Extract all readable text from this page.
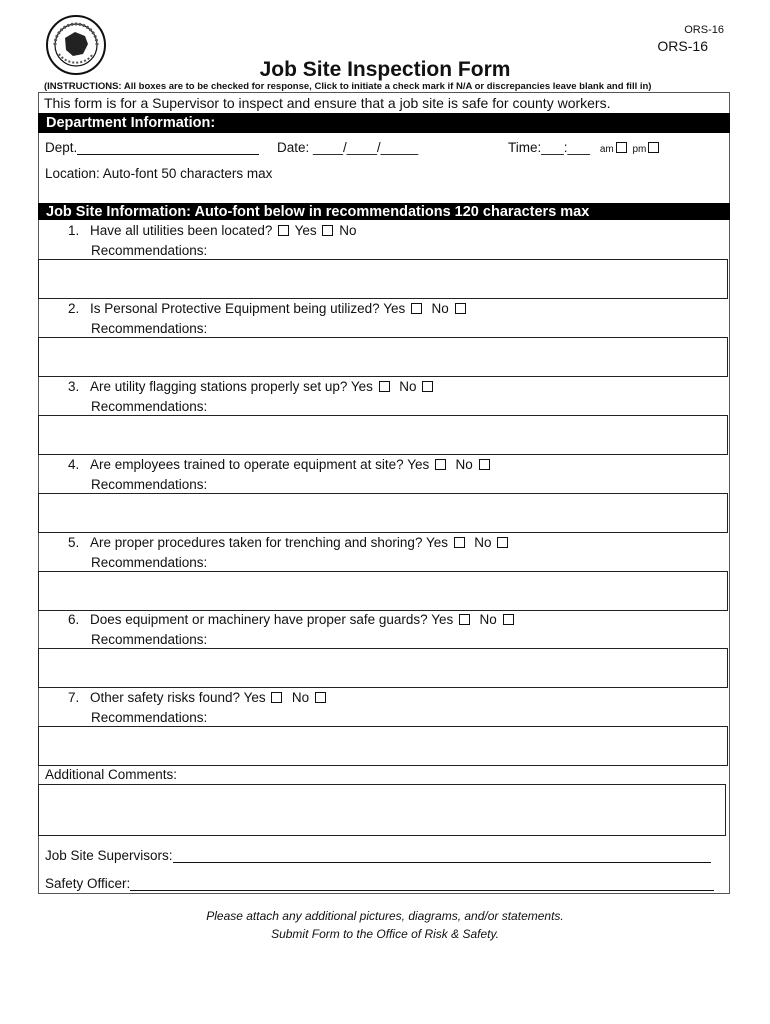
ORS-16
ORS-16
Job Site Inspection Form
(INSTRUCTIONS: All boxes are to be checked for response, Click to initiate a check mark if N/A or discrepancies leave blank and fill in)
This form is for a Supervisor to inspect and ensure that a job site is safe for county workers.
Department Information:
Dept.	Date: ____/____/_____	Time:___:___ am pm
Location: Auto-font 50 characters max
Job Site Information: Auto-font below in recommendations 120 characters max
1. Have all utilities been located? Yes No
Recommendations:
2. Is Personal Protective Equipment being utilized? Yes No
Recommendations:
3. Are utility flagging stations properly set up? Yes No
Recommendations:
4. Are employees trained to operate equipment at site? Yes No
Recommendations:
5. Are proper procedures taken for trenching and shoring? Yes No
Recommendations:
6. Does equipment or machinery have proper safe guards? Yes No
Recommendations:
7. Other safety risks found? Yes No
Recommendations:
Additional Comments:
Job Site Supervisors:
Safety Officer:
Please attach any additional pictures, diagrams, and/or statements.
Submit Form to the Office of Risk & Safety.
